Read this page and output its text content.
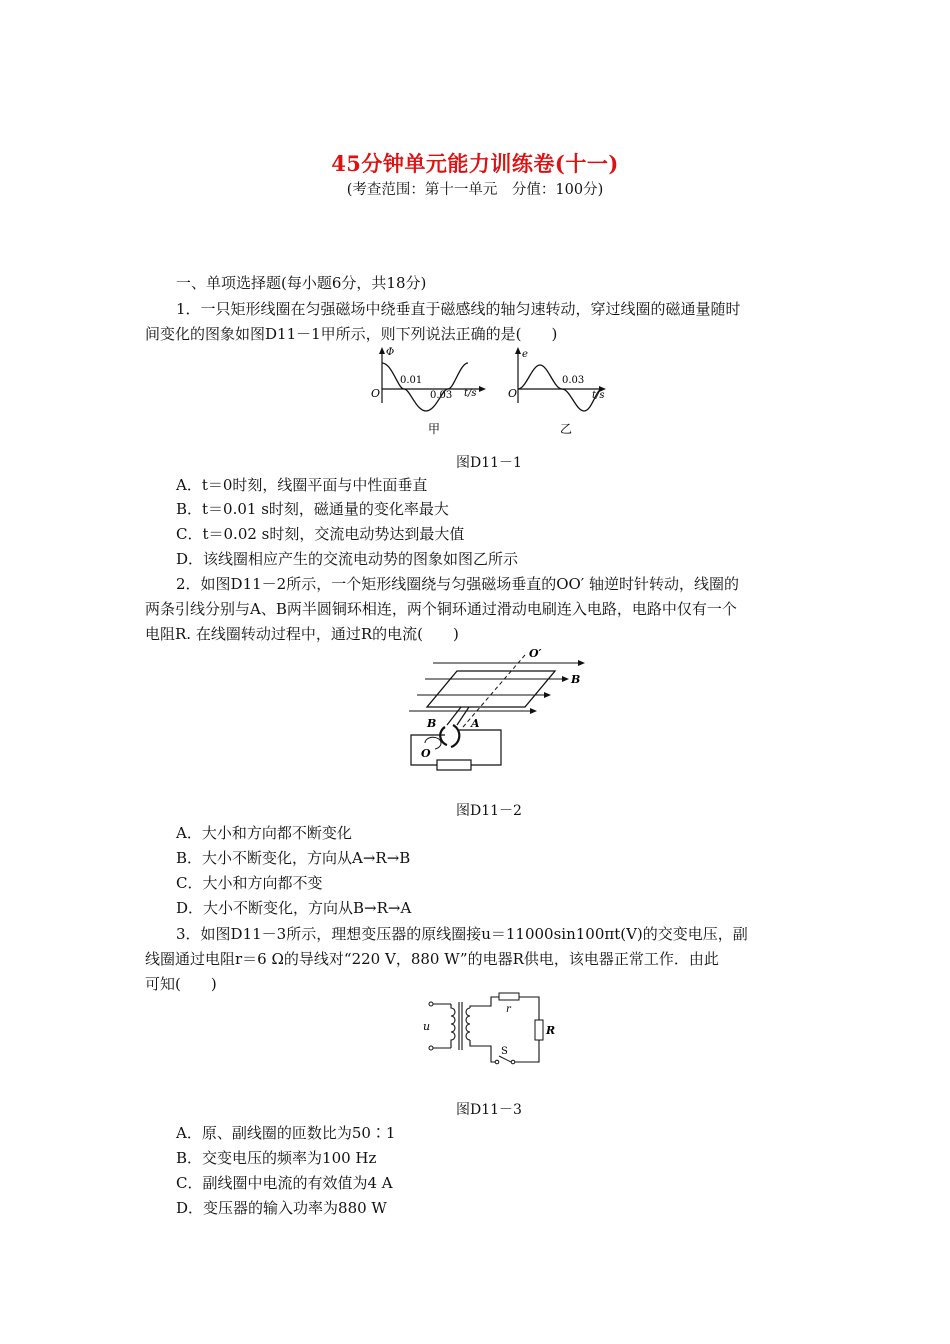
45分钟单元能力训练卷(十一)
(考查范围：第十一单元　分值：100分)
一、单项选择题(每小题6分，共18分)
1．一只矩形线圈在匀强磁场中绕垂直于磁感线的轴匀速转动，穿过线圈的磁通量随时
间变化的图象如图D11－1甲所示，则下列说法正确的是(　　)
Φ
O
0.01
0.03 t/s
甲
e
O
0.03
t/s
乙
图D11－1
A．t＝0时刻，线圈平面与中性面垂直
B．t＝0.01 s时刻，磁通量的变化率最大
C．t＝0.02 s时刻，交流电动势达到最大值
D．该线圈相应产生的交流电动势的图象如图乙所示
2．如图D11－2所示，一个矩形线圈绕与匀强磁场垂直的OO′ 轴逆时针转动，线圈的
两条引线分别与A、B两半圆铜环相连，两个铜环通过滑动电刷连入电路，电路中仅有一个
电阻R. 在线圈转动过程中，通过R的电流(　　)
O′
B
B	A
O
图D11－2
A．大小和方向都不断变化
B．大小不断变化，方向从A→R→B
C．大小和方向都不变
D．大小不断变化，方向从B→R→A
3．如图D11－3所示，理想变压器的原线圈接u＝11000sin100πt(V)的交变电压，副
线圈通过电阻r＝6 Ω的导线对“220 V，880 W”的电器R供电，该电器正常工作．由此
可知(　　)
u
r
R
S
图D11－3
A．原、副线圈的匝数比为50∶1
B．交变电压的频率为100 Hz
C．副线圈中电流的有效值为4 A
D．变压器的输入功率为880 W
